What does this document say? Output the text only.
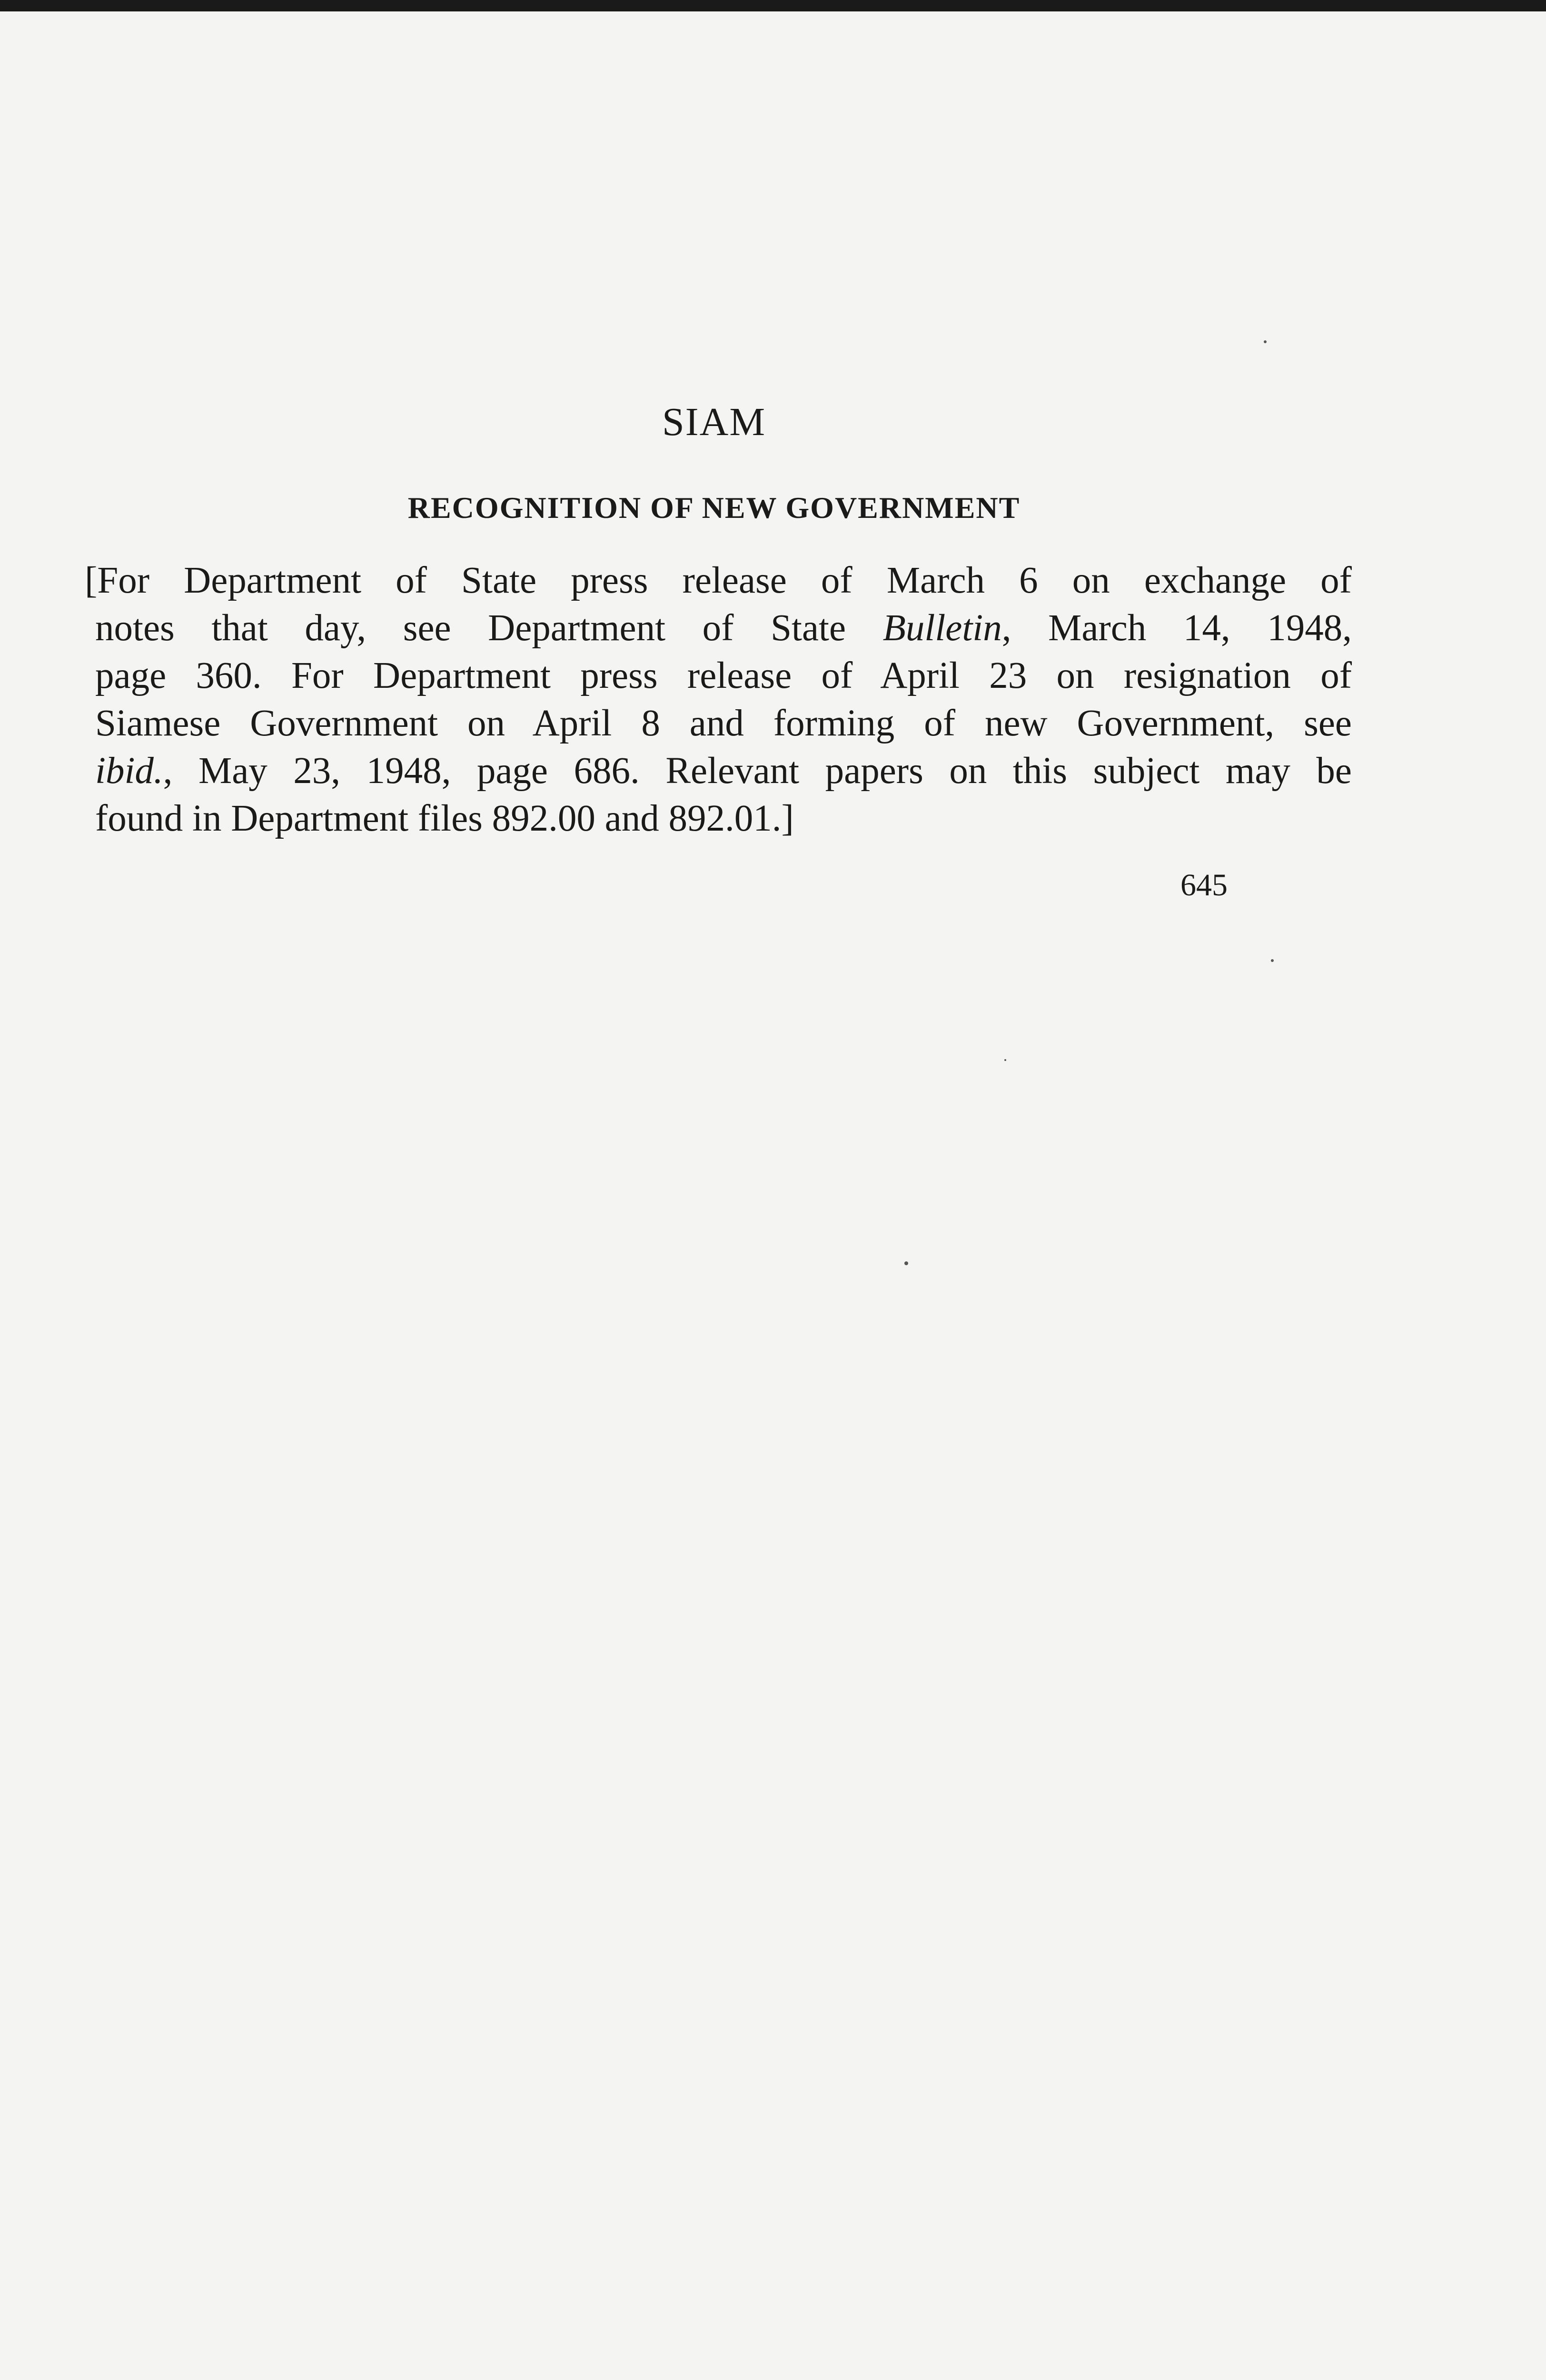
SIAM
RECOGNITION OF NEW GOVERNMENT

[For Department of State press release of March 6 on exchange of
notes that day, see Department of State Bulletin, March 14, 1948,
page 360. For Department press release of April 23 on resignation of
Siamese Government on April 8 and forming of new Government, see
ibid., May 23, 1948, page 686. Relevant papers on this subject may be
found in Department files 892.00 and 892.01.]

645
